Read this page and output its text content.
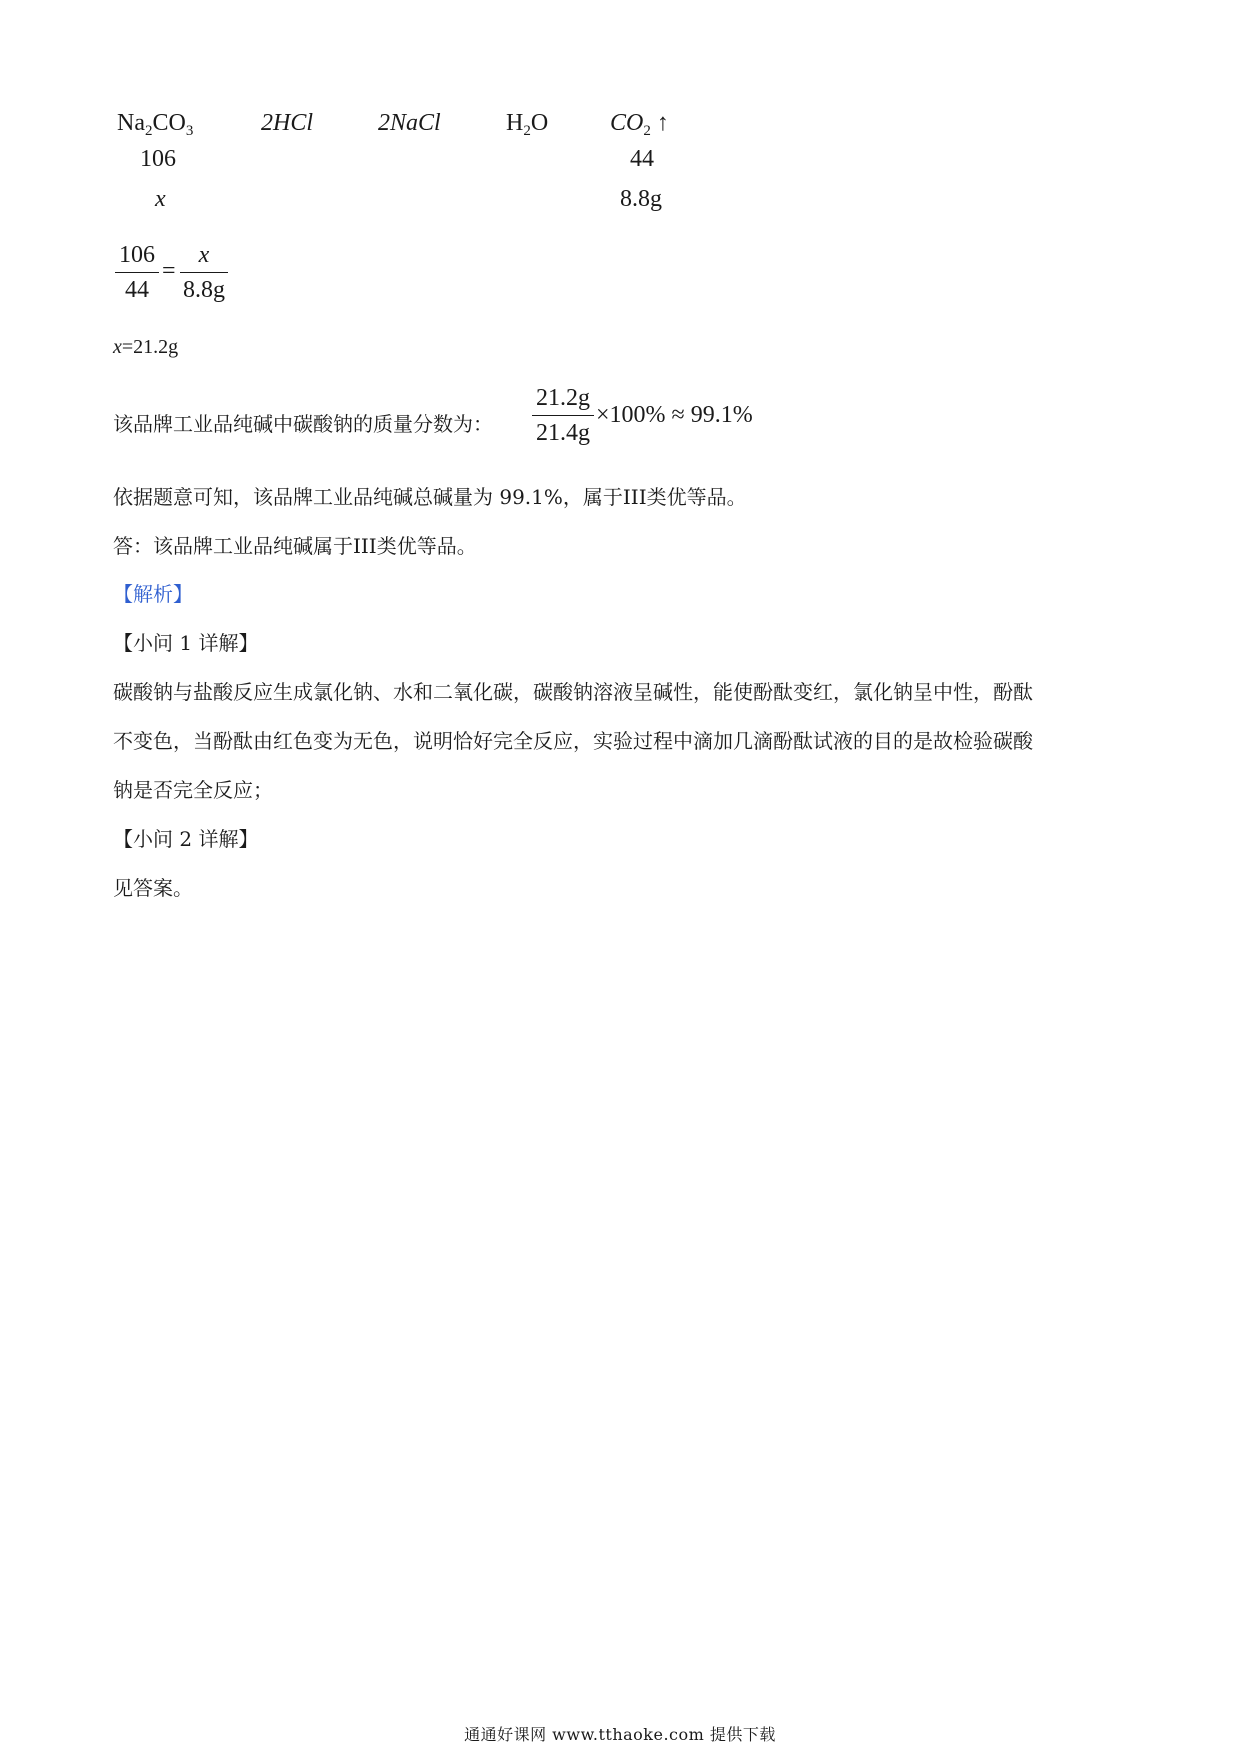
$Na_2CO_3$	2HCl	2NaCl	$H_2O$	$CO_2$ ↑
106	44
x	8.8g
106
44
=
x
8.8g
x=21.2g
该品牌工业品纯碱中碳酸钠的质量分数为：
21.2g
21.4g
×100% ≈ 99.1%
依据题意可知，该品牌工业品纯碱总碱量为 99.1%，属于III类优等品。
答：该品牌工业品纯碱属于III类优等品。
【解析】
【小问 1 详解】
碳酸钠与盐酸反应生成氯化钠、水和二氧化碳，碳酸钠溶液呈碱性，能使酚酞变红，氯化钠呈中性，酚酞
不变色，当酚酞由红色变为无色，说明恰好完全反应，实验过程中滴加几滴酚酞试液的目的是故检验碳酸
钠是否完全反应；
【小问 2 详解】
见答案。
通通好课网 www.tthaoke.com 提供下载
